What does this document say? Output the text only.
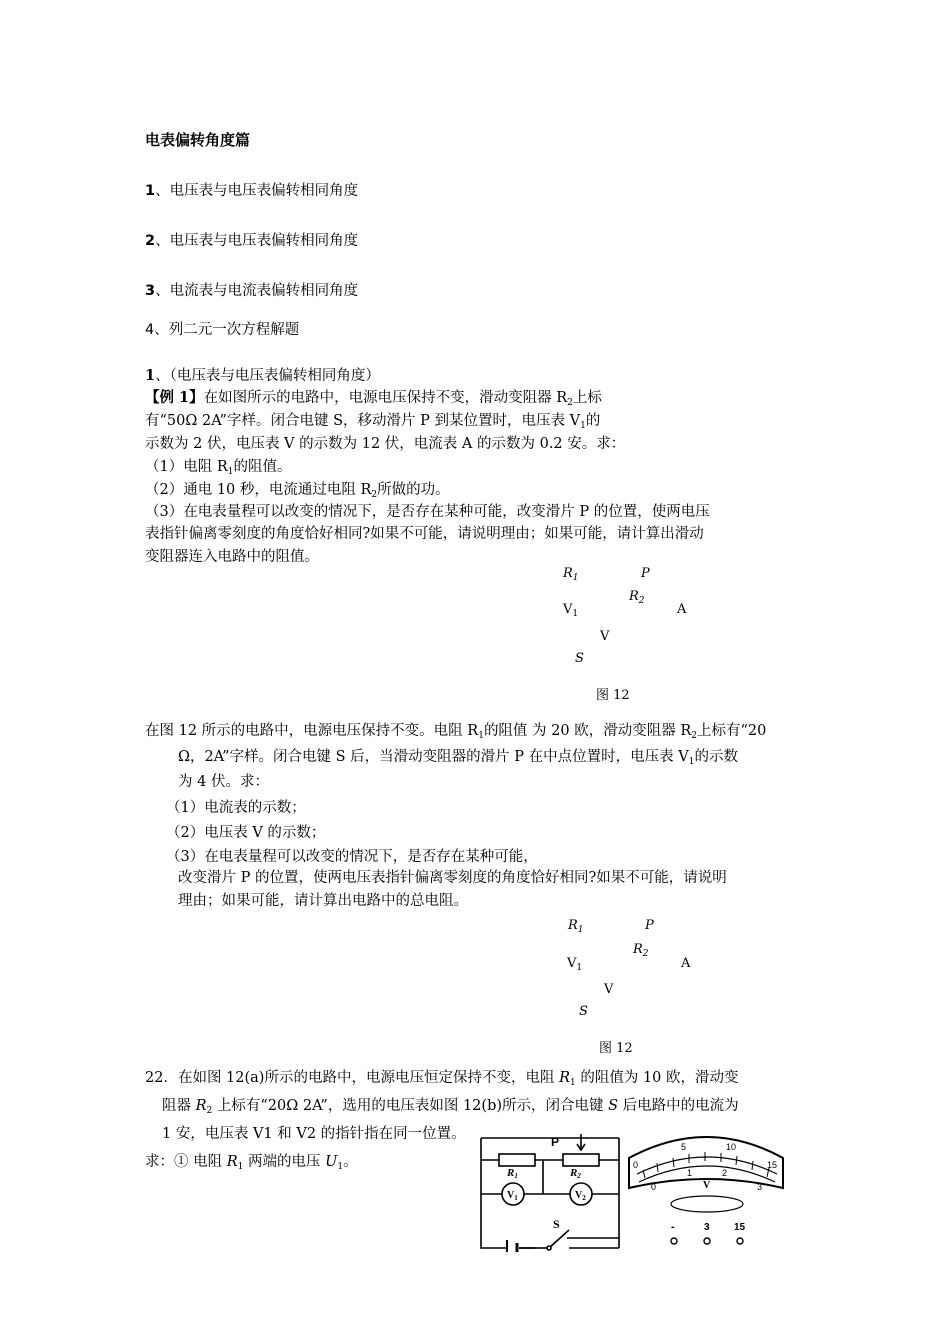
电表偏转角度篇
1、电压表与电压表偏转相同角度
2、电压表与电压表偏转相同角度
3、电流表与电流表偏转相同角度
4、列二元一次方程解题
1、（电压表与电压表偏转相同角度）
【例 1】在如图所示的电路中，电源电压保持不变，滑动变阻器 $R_2$上标
有“50Ω 2A”字样。闭合电键 S，移动滑片 P 到某位置时，电压表 $V_1$的
示数为 2 伏，电压表 V 的示数为 12 伏，电流表 A 的示数为 0.2 安。求：
（1）电阻 $R_1$的阻值。
（2）通电 10 秒，电流通过电阻 $R_2$所做的功。
（3）在电表量程可以改变的情况下，是否存在某种可能，改变滑片 P 的位置，使两电压
表指针偏离零刻度的角度恰好相同?如果不可能，请说明理由；如果可能，请计算出滑动
变阻器连入电路中的阻值。
$R_1$	P
$R_2$
$V_1$	A
V
S
图 12
在图 12 所示的电路中，电源电压保持不变。电阻 $R_1$的阻值 为 20 欧，滑动变阻器 $R_2$上标有“20
Ω，2A”字样。闭合电键 S 后，当滑动变阻器的滑片 P 在中点位置时，电压表 $V_1$的示数
为 4 伏。求：
（1）电流表的示数；
（2）电压表 V 的示数；
（3）在电表量程可以改变的情况下，是否存在某种可能，
改变滑片 P 的位置，使两电压表指针偏离零刻度的角度恰好相同?如果不可能，请说明
理由；如果可能，请计算出电路中的总电阻。
$R_1$	P
$R_2$
$V_1$	A
V
S
图 12
22．在如图 12(a)所示的电路中，电源电压恒定保持不变，电阻 $R_1$ 的阻值为 10 欧，滑动变
阻器 $R_2$ 上标有“20Ω 2A”，选用的电压表如图 12(b)所示，闭合电键 S 后电路中的电流为
1 安，电压表 V1 和 V2 的指针指在同一位置。
求：① 电阻 $R_1$ 两端的电压 $U_1$。
P
R1	R2
$V_1$	$V_2$
S
0
5	10
15
0
1	2
3
V
-	3 15
